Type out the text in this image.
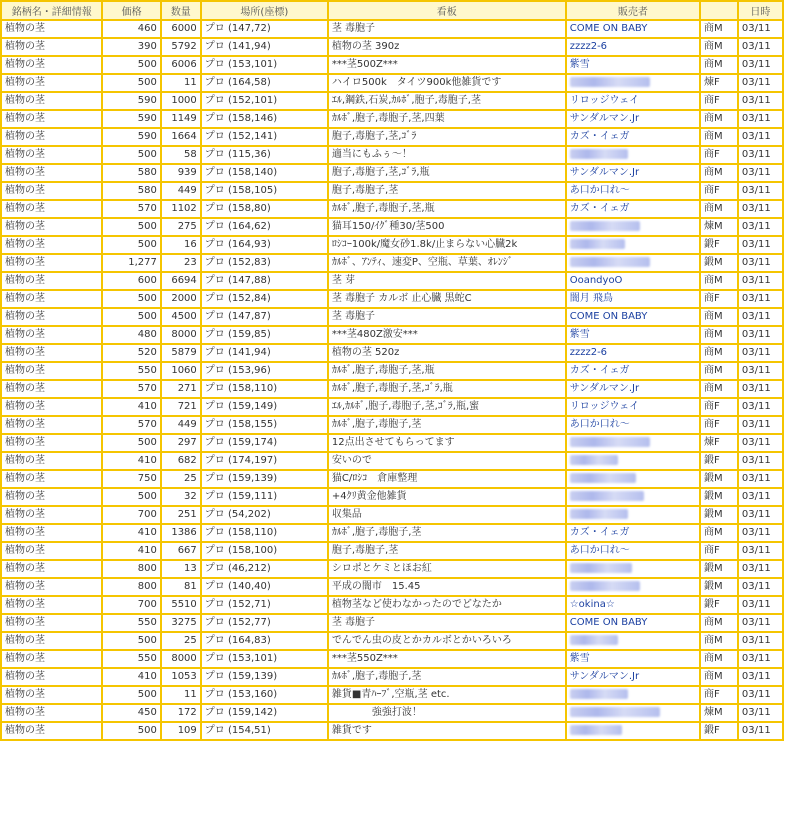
銘柄名・詳細情報	価格	数量	場所(座標)	看板	販売者		日時
植物の茎	460	6000	プロ (147,72)	茎 毒胞子	COME ON BABY	商M	03/11
植物の茎	390	5792	プロ (141,94)	植物の茎 390z	zzzz2-6	商M	03/11
植物の茎	500	6006	プロ (153,101)	***茎500Z***	紫雪	商M	03/11
植物の茎	500	11	プロ (164,58)	ハイロ500k　タイツ900k他雑貨です		煉F	03/11
植物の茎	590	1000	プロ (152,101)	ｴﾙ,鋼鉄,石炭,ｶﾙﾎﾞ,胞子,毒胞子,茎	リロッジウェイ	商F	03/11
植物の茎	590	1149	プロ (158,146)	ｶﾙﾎﾞ,胞子,毒胞子,茎,四葉	サンダルマン.Jr	商M	03/11
植物の茎	590	1664	プロ (152,141)	胞子,毒胞子,茎,ｺﾞﾗ	カズ・イェガ	商M	03/11
植物の茎	500	58	プロ (115,36)	適当にもふぅ～！		商F	03/11
植物の茎	580	939	プロ (158,140)	胞子,毒胞子,茎,ｺﾞﾗ,瓶	サンダルマン.Jr	商M	03/11
植物の茎	580	449	プロ (158,105)	胞子,毒胞子,茎	あ口か口れ～	商F	03/11
植物の茎	570	1102	プロ (158,80)	ｶﾙﾎﾞ,胞子,毒胞子,茎,瓶	カズ・イェガ	商M	03/11
植物の茎	500	275	プロ (164,62)	猫耳150/ｲｸﾞ種30/茎500		煉M	03/11
植物の茎	500	16	プロ (164,93)	ﾛｼｺｰ100k/魔女砂1.8k/止まらない心臓2k		鍛F	03/11
植物の茎	1,277	23	プロ (152,83)	ｶﾙﾎﾞ、ｱﾝﾃｨ、速変P、空瓶、草葉、ｵﾚﾝｼﾞ		鍛M	03/11
植物の茎	600	6694	プロ (147,88)	茎 芽	OoandyoO	商M	03/11
植物の茎	500	2000	プロ (152,84)	茎 毒胞子 カルボ 止心臓 黒蛇C	闇月 飛鳥	商F	03/11
植物の茎	500	4500	プロ (147,87)	茎 毒胞子	COME ON BABY	商M	03/11
植物の茎	480	8000	プロ (159,85)	***茎480Z激安***	紫雪	商M	03/11
植物の茎	520	5879	プロ (141,94)	植物の茎 520z	zzzz2-6	商M	03/11
植物の茎	550	1060	プロ (153,96)	ｶﾙﾎﾞ,胞子,毒胞子,茎,瓶	カズ・イェガ	商M	03/11
植物の茎	570	271	プロ (158,110)	ｶﾙﾎﾞ,胞子,毒胞子,茎,ｺﾞﾗ,瓶	サンダルマン.Jr	商M	03/11
植物の茎	410	721	プロ (159,149)	ｴﾙ,ｶﾙﾎﾞ,胞子,毒胞子,茎,ｺﾞﾗ,瓶,蜜	リロッジウェイ	商F	03/11
植物の茎	570	449	プロ (158,155)	ｶﾙﾎﾞ,胞子,毒胞子,茎	あ口か口れ～	商F	03/11
植物の茎	500	297	プロ (159,174)	12点出させてもらってます		煉F	03/11
植物の茎	410	682	プロ (174,197)	安いので		鍛F	03/11
植物の茎	750	25	プロ (159,139)	猫C/ﾛｼｺ　倉庫整理		鍛M	03/11
植物の茎	500	32	プロ (159,111)	+4ｸﾘ黄金他雑貨		鍛M	03/11
植物の茎	700	251	プロ (54,202)	収集品		鍛M	03/11
植物の茎	410	1386	プロ (158,110)	ｶﾙﾎﾞ,胞子,毒胞子,茎	カズ・イェガ	商M	03/11
植物の茎	410	667	プロ (158,100)	胞子,毒胞子,茎	あ口か口れ～	商F	03/11
植物の茎	800	13	プロ (46,212)	シロポとケミとほお紅		鍛M	03/11
植物の茎	800	81	プロ (140,40)	平成の闇市　15.45		鍛M	03/11
植物の茎	700	5510	プロ (152,71)	植物茎など使わなかったのでどなたか	☆okina☆	鍛F	03/11
植物の茎	550	3275	プロ (152,77)	茎 毒胞子	COME ON BABY	商M	03/11
植物の茎	500	25	プロ (164,83)	でんでん虫の皮とかカルボとかいろいろ		商M	03/11
植物の茎	550	8000	プロ (153,101)	***茎550Z***	紫雪	商M	03/11
植物の茎	410	1053	プロ (159,139)	ｶﾙﾎﾞ,胞子,毒胞子,茎	サンダルマン.Jr	商M	03/11
植物の茎	500	11	プロ (153,160)	雑貨■青ﾊｰﾌﾞ,空瓶,茎 etc.		商F	03/11
植物の茎	450	172	プロ (159,142)	　　　　強強打波！		煉M	03/11
植物の茎	500	109	プロ (154,51)	雑貨です		鍛F	03/11
